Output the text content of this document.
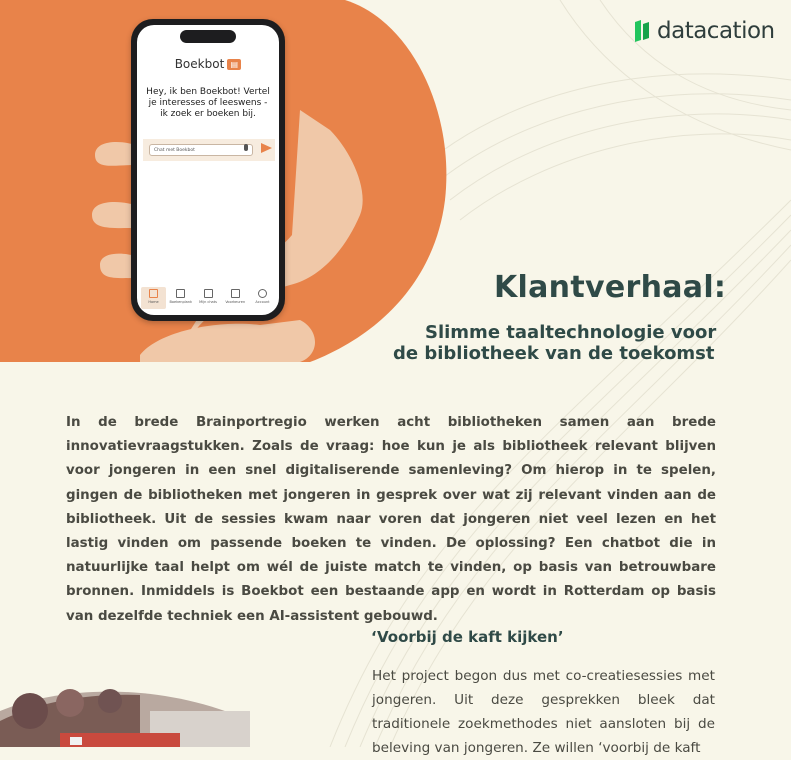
datacation
Boekbot ▤
Hey, ik ben Boekbot! Vertel je interesses of leeswens - ik zoek er boeken bij.
Chat met Boekbot
Home	Boekenplank	Mijn chats	Voorkeuren	Account	Klantverhaal:
Slimme taaltechnologie voor
de bibliotheek van de toekomst

In de brede Brainportregio werken acht bibliotheken samen aan brede innovatievraagstukken. Zoals de vraag: hoe kun je als bibliotheek relevant blijven voor jongeren in een snel digitaliserende samenleving? Om hierop in te spelen, gingen de bibliotheken met jongeren in gesprek over wat zij relevant vinden aan de bibliotheek. Uit de sessies kwam naar voren dat jongeren niet veel lezen en het lastig vinden om passende boeken te vinden. De oplossing? Een chatbot die in natuurlijke taal helpt om wél de juiste match te vinden, op basis van betrouwbare bronnen. Inmiddels is Boekbot een bestaande app en wordt in Rotterdam op basis van dezelfde techniek een AI-assistent gebouwd.

‘Voorbij de kaft kijken’

Het project begon dus met co-creatiesessies met jongeren. Uit deze gesprekken bleek dat traditionele zoekmethodes niet aansloten bij de beleving van jongeren. Ze willen ‘voorbij de kaft
